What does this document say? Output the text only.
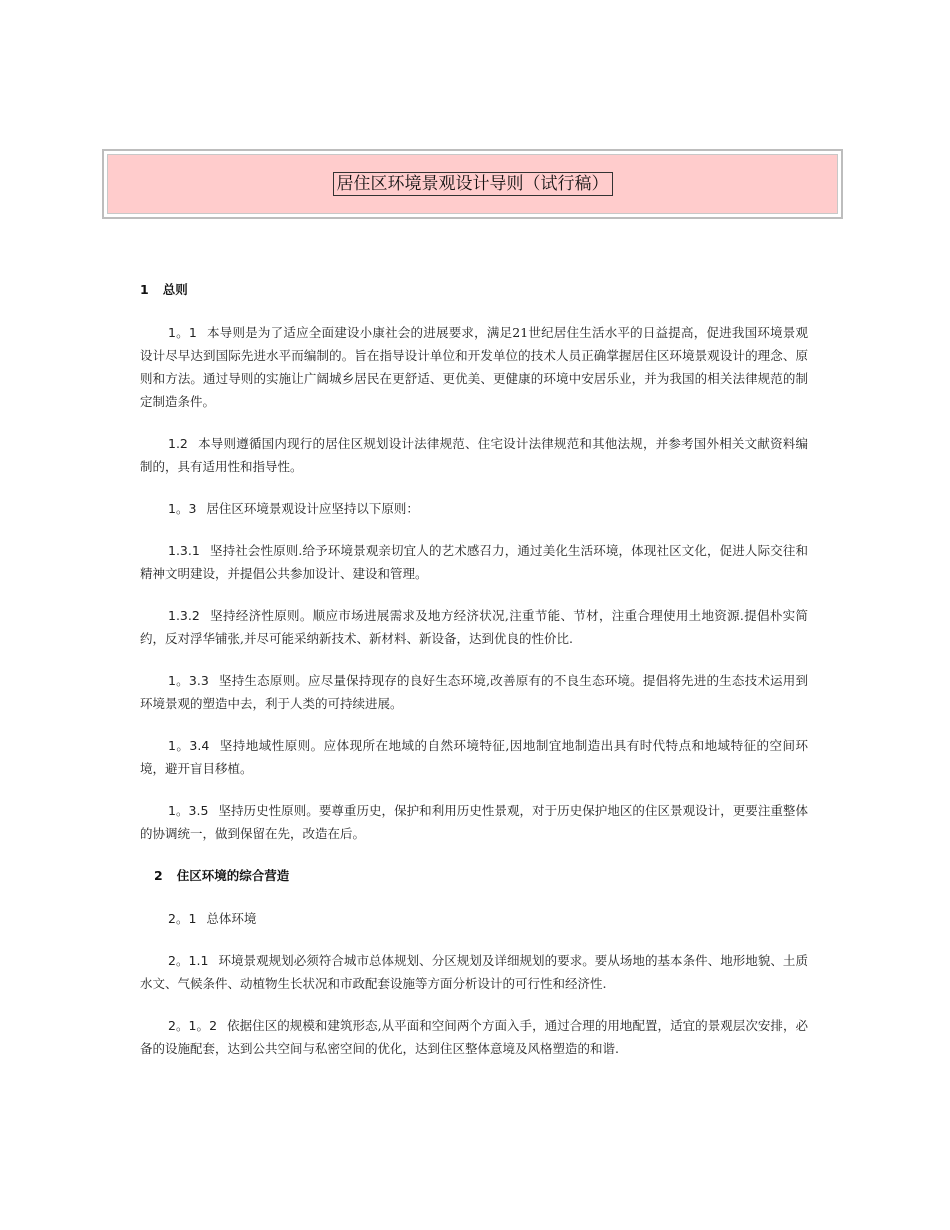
居住区环境景观设计导则（试行稿）
1 总则

1。1 本导则是为了适应全面建设小康社会的进展要求，满足21世纪居住生活水平的日益提高，促进我国环境景观设计尽早达到国际先进水平而编制的。旨在指导设计单位和开发单位的技术人员正确掌握居住区环境景观设计的理念、原则和方法。通过导则的实施让广阔城乡居民在更舒适、更优美、更健康的环境中安居乐业，并为我国的相关法律规范的制定制造条件。

1.2 本导则遵循国内现行的居住区规划设计法律规范、住宅设计法律规范和其他法规，并参考国外相关文献资料编制的，具有适用性和指导性。

1。3 居住区环境景观设计应坚持以下原则：

1.3.1 坚持社会性原则.给予环境景观亲切宜人的艺术感召力，通过美化生活环境，体现社区文化，促进人际交往和精神文明建设，并提倡公共参加设计、建设和管理。

1.3.2 坚持经济性原则。顺应市场进展需求及地方经济状况,注重节能、节材，注重合理使用土地资源.提倡朴实简约，反对浮华铺张,并尽可能采纳新技术、新材料、新设备，达到优良的性价比.

1。3.3 坚持生态原则。应尽量保持现存的良好生态环境,改善原有的不良生态环境。提倡将先进的生态技术运用到环境景观的塑造中去，利于人类的可持续进展。

1。3.4 坚持地域性原则。应体现所在地域的自然环境特征,因地制宜地制造出具有时代特点和地域特征的空间环境，避开盲目移植。

1。3.5 坚持历史性原则。要尊重历史，保护和利用历史性景观，对于历史保护地区的住区景观设计，更要注重整体的协调统一，做到保留在先，改造在后。

2 住区环境的综合营造

2。1 总体环境

2。1.1 环境景观规划必须符合城市总体规划、分区规划及详细规划的要求。要从场地的基本条件、地形地貌、土质水文、气候条件、动植物生长状况和市政配套设施等方面分析设计的可行性和经济性.

2。1。2 依据住区的规模和建筑形态,从平面和空间两个方面入手，通过合理的用地配置，适宜的景观层次安排，必备的设施配套，达到公共空间与私密空间的优化，达到住区整体意境及风格塑造的和谐.
